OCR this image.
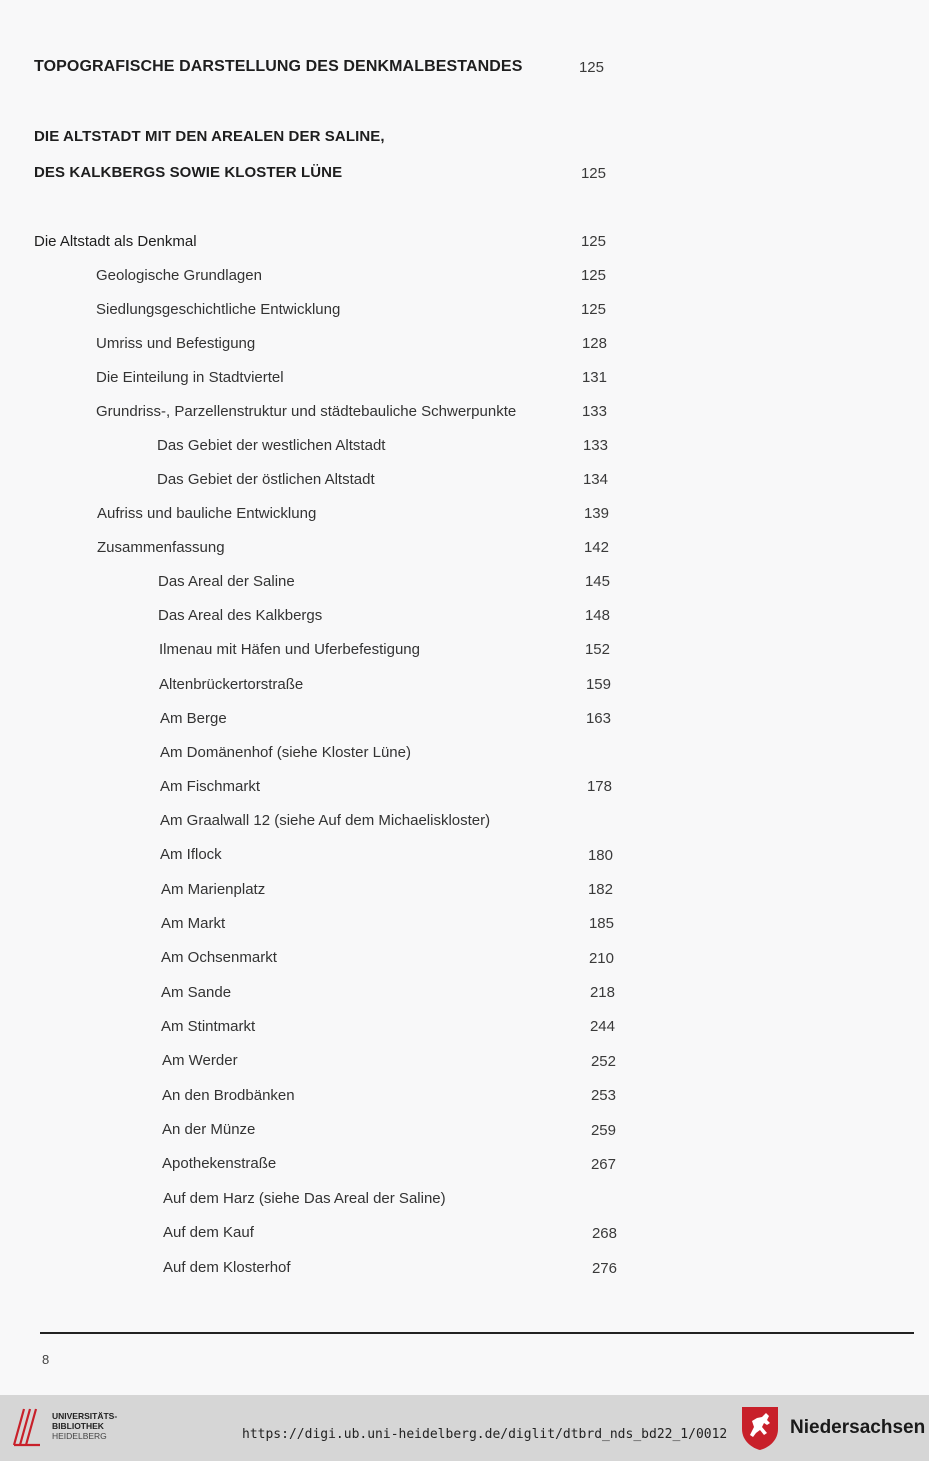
TOPOGRAFISCHE DARSTELLUNG DES DENKMALBESTANDES	125
DIE ALTSTADT MIT DEN AREALEN DER SALINE,
DES KALKBERGS SOWIE KLOSTER LÜNE	125
Die Altstadt als Denkmal	125
Geologische Grundlagen	125
Siedlungsgeschichtliche Entwicklung	125
Umriss und Befestigung	128
Die Einteilung in Stadtviertel	131
Grundriss-, Parzellenstruktur und städtebauliche Schwerpunkte	133
Das Gebiet der westlichen Altstadt	133
Das Gebiet der östlichen Altstadt	134
Aufriss und bauliche Entwicklung	139
Zusammenfassung	142
Das Areal der Saline	145
Das Areal des Kalkbergs	148
Ilmenau mit Häfen und Uferbefestigung	152
Altenbrückertorstraße	159
Am Berge	163
Am Domänenhof (siehe Kloster Lüne)
Am Fischmarkt	178
Am Graalwall 12 (siehe Auf dem Michaeliskloster)
Am Iflock	180
Am Marienplatz	182
Am Markt	185
Am Ochsenmarkt	210
Am Sande	218
Am Stintmarkt	244
Am Werder	252
An den Brodbänken	253
An der Münze	259
Apothekenstraße	267
Auf dem Harz (siehe Das Areal der Saline)
Auf dem Kauf	268
Auf dem Klosterhof	276
8
UNIVERSITÄTS-
BIBLIOTHEK
HEIDELBERG	https://digi.ub.uni-heidelberg.de/diglit/dtbrd_nds_bd22_1/0012	Niedersachsen
